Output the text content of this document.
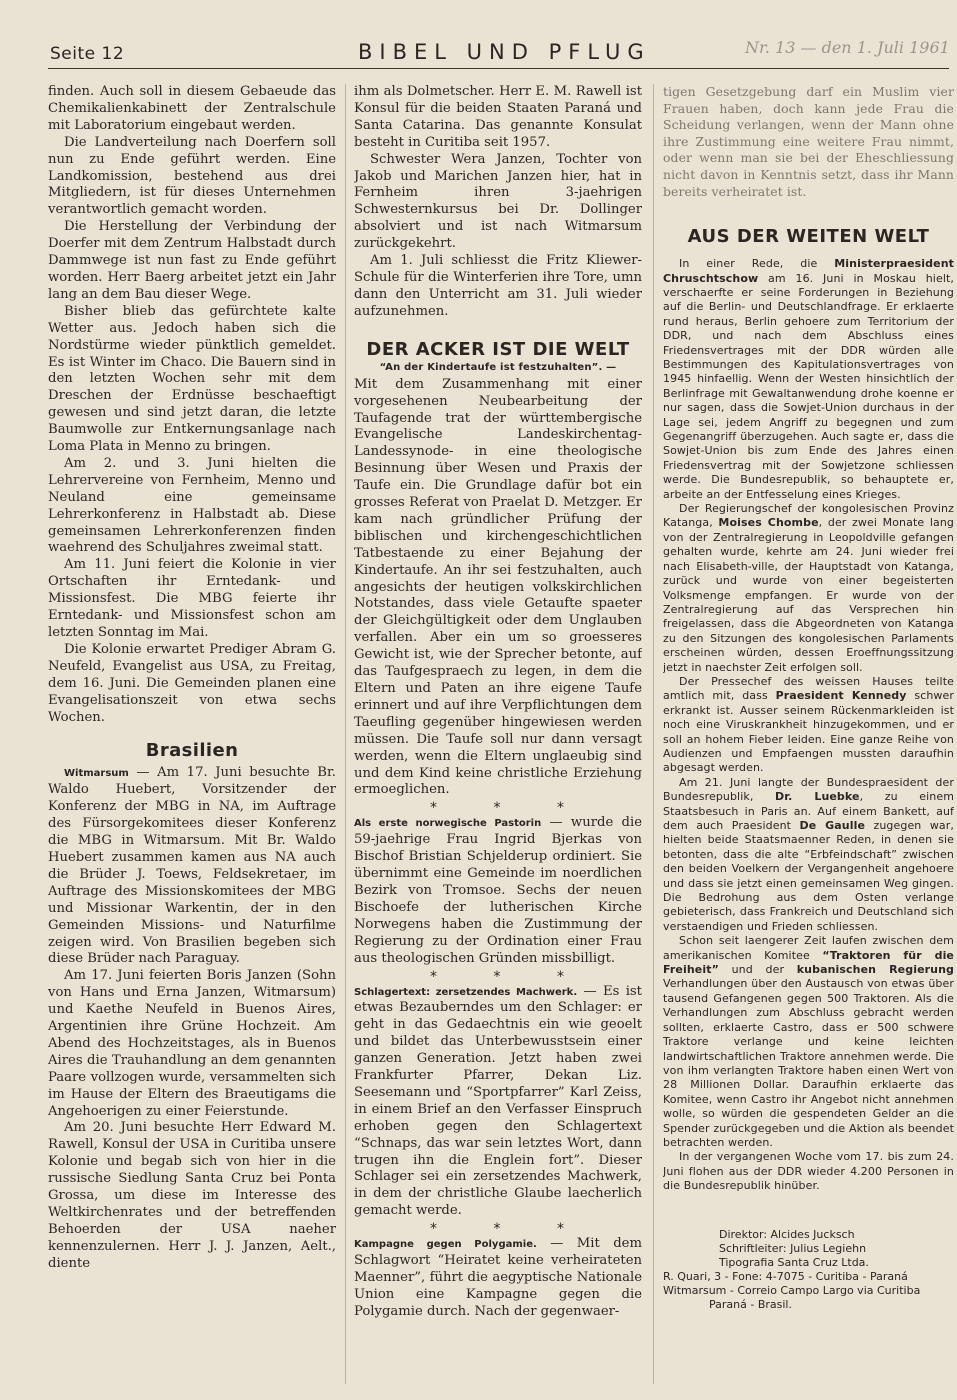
Seite 12	BIBEL UND PFLUG	Nr. 13 — den 1. Juli 1961

finden. Auch soll in diesem Gebaeude das Chemikalienkabinett der Zentralschule mit Laboratorium eingebaut werden.

Die Landverteilung nach Doerfern soll nun zu Ende geführt werden. Eine Landkomission, bestehend aus drei Mitgliedern, ist für dieses Unternehmen verantwortlich gemacht worden.

Die Herstellung der Verbindung der Doerfer mit dem Zentrum Halbstadt durch Dammwege ist nun fast zu Ende geführt worden. Herr Baerg arbeitet jetzt ein Jahr lang an dem Bau dieser Wege.

Bisher blieb das gefürchtete kalte Wetter aus. Jedoch haben sich die Nordstürme wieder pünktlich gemeldet. Es ist Winter im Chaco. Die Bauern sind in den letzten Wochen sehr mit dem Dreschen der Erdnüsse beschaeftigt gewesen und sind jetzt daran, die letzte Baumwolle zur Entkernungsanlage nach Loma Plata in Menno zu bringen.

Am 2. und 3. Juni hielten die Lehrervereine von Fernheim, Menno und Neuland eine gemeinsame Lehrerkonferenz in Halbstadt ab. Diese gemeinsamen Lehrerkonferenzen finden waehrend des Schuljahres zweimal statt.

Am 11. Juni feiert die Kolonie in vier Ortschaften ihr Erntedank- und Missionsfest. Die MBG feierte ihr Erntedank- und Missionsfest schon am letzten Sonntag im Mai.

Die Kolonie erwartet Prediger Abram G. Neufeld, Evangelist aus USA, zu Freitag, dem 16. Juni. Die Gemeinden planen eine Evangelisationszeit von etwa sechs Wochen.

Brasilien

Witmarsum — Am 17. Juni besuchte Br. Waldo Huebert, Vorsitzender der Konferenz der MBG in NA, im Auftrage des Fürsorgekomitees dieser Konferenz die MBG in Witmarsum. Mit Br. Waldo Huebert zusammen kamen aus NA auch die Brüder J. Toews, Feldsekretaer, im Auftrage des Missionskomitees der MBG und Missionar Warkentin, der in den Gemeinden Missions- und Naturfilme zeigen wird. Von Brasilien begeben sich diese Brüder nach Paraguay.

Am 17. Juni feierten Boris Janzen (Sohn von Hans und Erna Janzen, Witmarsum) und Kaethe Neufeld in Buenos Aires, Argentinien ihre Grüne Hochzeit. Am Abend des Hochzeitstages, als in Buenos Aires die Trauhandlung an dem genannten Paare vollzogen wurde, versammelten sich im Hause der Eltern des Braeutigams die Angehoerigen zu einer Feierstunde.

Am 20. Juni besuchte Herr Edward M. Rawell, Konsul der USA in Curitiba unsere Kolonie und begab sich von hier in die russische Siedlung Santa Cruz bei Ponta Grossa, um diese im Interesse des Weltkirchenrates und der betreffenden Behoerden der USA naeher kennenzulernen. Herr J. J. Janzen, Aelt., diente

ihm als Dolmetscher. Herr E. M. Rawell ist Konsul für die beiden Staaten Paraná und Santa Catarina. Das genannte Konsulat besteht in Curitiba seit 1957.

Schwester Wera Janzen, Tochter von Jakob und Marichen Janzen hier, hat in Fernheim ihren 3-jaehrigen Schwesternkursus bei Dr. Dollinger absolviert und ist nach Witmarsum zurückgekehrt.

Am 1. Juli schliesst die Fritz Kliewer-Schule für die Winterferien ihre Tore, umn dann den Unterricht am 31. Juli wieder aufzunehmen.

DER ACKER IST DIE WELT
“An der Kindertaufe ist festzuhalten”. —

Mit dem Zusammenhang mit einer vorgesehenen Neubearbeitung der Taufagende trat der württembergische Evangelische Landeskirchentag-Landessynode- in eine theologische Besinnung über Wesen und Praxis der Taufe ein. Die Grundlage dafür bot ein grosses Referat von Praelat D. Metzger. Er kam nach gründlicher Prüfung der biblischen und kirchengeschichtlichen Tatbestaende zu einer Bejahung der Kindertaufe. An ihr sei festzuhalten, auch angesichts der heutigen volkskirchlichen Notstandes, dass viele Getaufte spaeter der Gleichgültigkeit oder dem Unglauben verfallen. Aber ein um so groesseres Gewicht ist, wie der Sprecher betonte, auf das Taufgespraech zu legen, in dem die Eltern und Paten an ihre eigene Taufe erinnert und auf ihre Verpflichtungen dem Taeufling gegenüber hingewiesen werden müssen. Die Taufe soll nur dann versagt werden, wenn die Eltern unglaeubig sind und dem Kind keine christliche Erziehung ermoeglichen.

* * *

Als erste norwegische Pastorin — wurde die 59-jaehrige Frau Ingrid Bjerkas von Bischof Bristian Schjelderup ordiniert. Sie übernimmt eine Gemeinde im noerdlichen Bezirk von Tromsoe. Sechs der neuen Bischoefe der lutherischen Kirche Norwegens haben die Zustimmung der Regierung zu der Ordination einer Frau aus theologischen Gründen missbilligt.

* * *

Schlagertext: zersetzendes Machwerk. — Es ist etwas Bezauberndes um den Schlager: er geht in das Gedaechtnis ein wie geoelt und bildet das Unterbewusstsein einer ganzen Generation. Jetzt haben zwei Frankfurter Pfarrer, Dekan Liz. Seesemann und “Sportpfarrer” Karl Zeiss, in einem Brief an den Verfasser Einspruch erhoben gegen den Schlagertext “Schnaps, das war sein letztes Wort, dann trugen ihn die Englein fort”. Dieser Schlager sei ein zersetzendes Machwerk, in dem der christliche Glaube laecherlich gemacht werde.

* * *

Kampagne gegen Polygamie. — Mit dem Schlagwort “Heiratet keine verheirateten Maenner”, führt die aegyptische Nationale Union eine Kampagne gegen die Polygamie durch. Nach der gegenwaer-

tigen Gesetzgebung darf ein Muslim vier Frauen haben, doch kann jede Frau die Scheidung verlangen, wenn der Mann ohne ihre Zustimmung eine weitere Frau nimmt, oder wenn man sie bei der Eheschliessung nicht davon in Kenntnis setzt, dass ihr Mann bereits verheiratet ist.

AUS DER WEITEN WELT

In einer Rede, die Ministerpraesident Chruschtschow am 16. Juni in Moskau hielt, verschaerfte er seine Forderungen in Beziehung auf die Berlin- und Deutschlandfrage. Er erklaerte rund heraus, Berlin gehoere zum Territorium der DDR, und nach dem Abschluss eines Friedensvertrages mit der DDR würden alle Bestimmungen des Kapitulationsvertrages von 1945 hinfaellig. Wenn der Westen hinsichtlich der Berlinfrage mit Gewaltanwendung drohe koenne er nur sagen, dass die Sowjet-Union durchaus in der Lage sei, jedem Angriff zu begegnen und zum Gegenangriff überzugehen. Auch sagte er, dass die Sowjet-Union bis zum Ende des Jahres einen Friedensvertrag mit der Sowjetzone schliessen werde. Die Bundesrepublik, so behauptete er, arbeite an der Entfesselung eines Krieges.

Der Regierungschef der kongolesischen Provinz Katanga, Moises Chombe, der zwei Monate lang von der Zentralregierung in Leopoldville gefangen gehalten wurde, kehrte am 24. Juni wieder frei nach Elisabeth-ville, der Hauptstadt von Katanga, zurück und wurde von einer begeisterten Volksmenge empfangen. Er wurde von der Zentralregierung auf das Versprechen hin freigelassen, dass die Abgeordneten von Katanga zu den Sitzungen des kongolesischen Parlaments erscheinen würden, dessen Eroeffnungssitzung jetzt in naechster Zeit erfolgen soll.

Der Pressechef des weissen Hauses teilte amtlich mit, dass Praesident Kennedy schwer erkrankt ist. Ausser seinem Rückenmarkleiden ist noch eine Viruskrankheit hinzugekommen, und er soll an hohem Fieber leiden. Eine ganze Reihe von Audienzen und Empfaengen mussten daraufhin abgesagt werden.

Am 21. Juni langte der Bundespraesident der Bundesrepublik, Dr. Luebke, zu einem Staatsbesuch in Paris an. Auf einem Bankett, auf dem auch Praesident De Gaulle zugegen war, hielten beide Staatsmaenner Reden, in denen sie betonten, dass die alte “Erbfeindschaft” zwischen den beiden Voelkern der Vergangenheit angehoere und dass sie jetzt einen gemeinsamen Weg gingen. Die Bedrohung aus dem Osten verlange gebieterisch, dass Frankreich und Deutschland sich verstaendigen und Frieden schliessen.

Schon seit laengerer Zeit laufen zwischen dem amerikanischen Komitee “Traktoren für die Freiheit” und der kubanischen Regierung Verhandlungen über den Austausch von etwas über tausend Gefangenen gegen 500 Traktoren. Als die Verhandlungen zum Abschluss gebracht werden sollten, erklaerte Castro, dass er 500 schwere Traktore verlange und keine leichten landwirtschaftlichen Traktore annehmen werde. Die von ihm verlangten Traktore haben einen Wert von 28 Millionen Dollar. Daraufhin erklaerte das Komitee, wenn Castro ihr Angebot nicht annehmen wolle, so würden die gespendeten Gelder an die Spender zurückgegeben und die Aktion als beendet betrachten werden.

In der vergangenen Woche vom 17. bis zum 24. Juni flohen aus der DDR wieder 4.200 Personen in die Bundesrepublik hinüber.

Direktor: Alcides Jucksch
Schriftleiter: Julius Legiehn
Tipografia Santa Cruz Ltda.
R. Quari, 3 - Fone: 4-7075 - Curitiba - Paraná
Witmarsum - Correio Campo Largo via Curitiba
Paraná - Brasil.
